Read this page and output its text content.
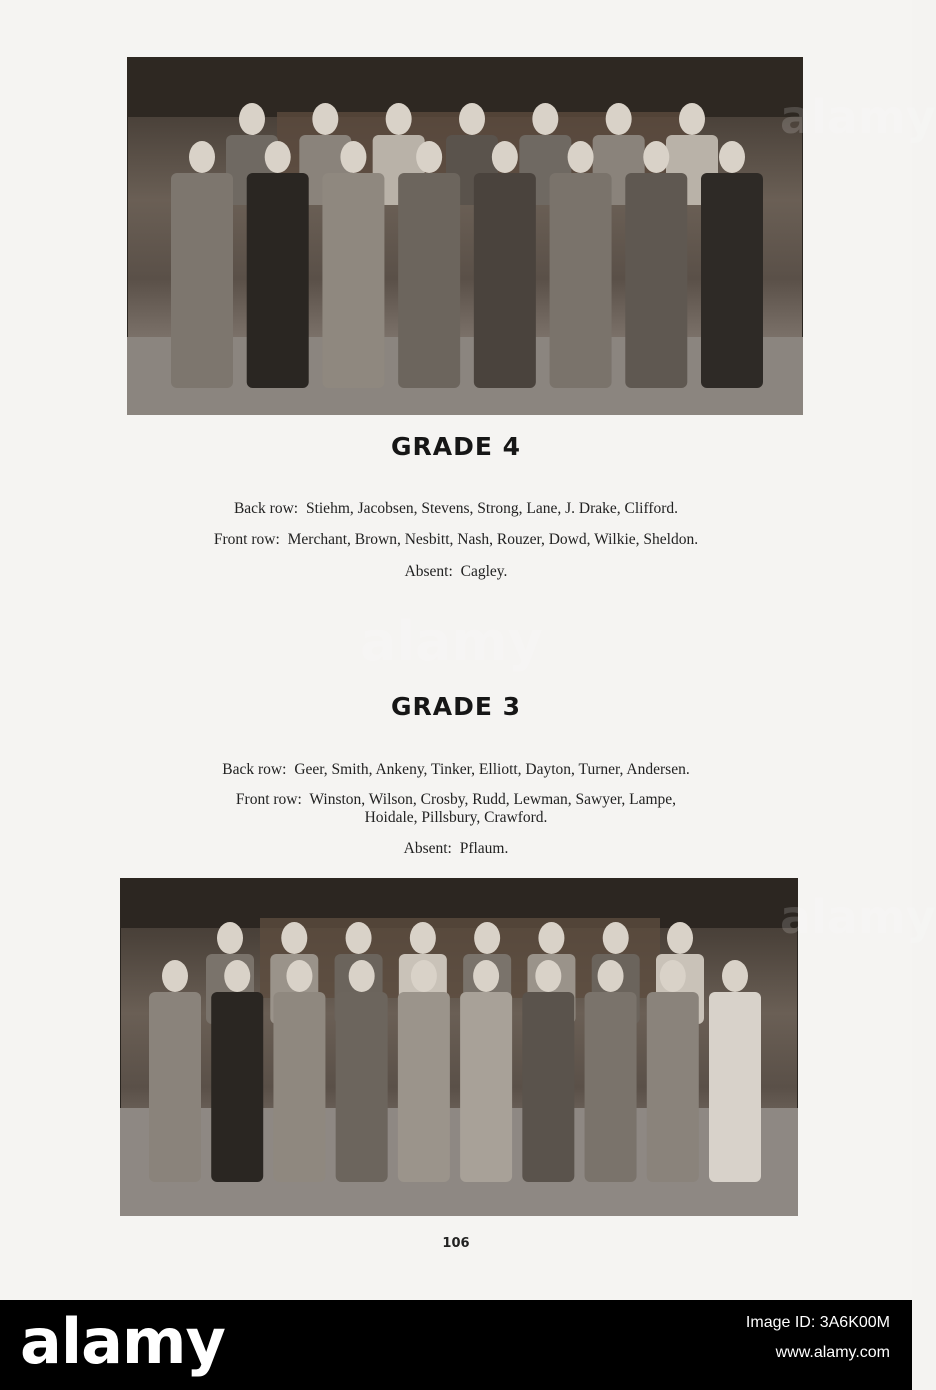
GRADE 4
Back row: Stiehm, Jacobsen, Stevens, Strong, Lane, J. Drake, Clifford.
Front row: Merchant, Brown, Nesbitt, Nash, Rouzer, Dowd, Wilkie, Sheldon.
Absent: Cagley.
GRADE 3
Back row: Geer, Smith, Ankeny, Tinker, Elliott, Dayton, Turner, Andersen.
Front row: Winston, Wilson, Crosby, Rudd, Lewman, Sawyer, Lampe,
Hoidale, Pillsbury, Crawford.
Absent: Pflaum.
106
alamy
alamy
alamy
alamy	Image ID: 3A6K00M
www.alamy.com
